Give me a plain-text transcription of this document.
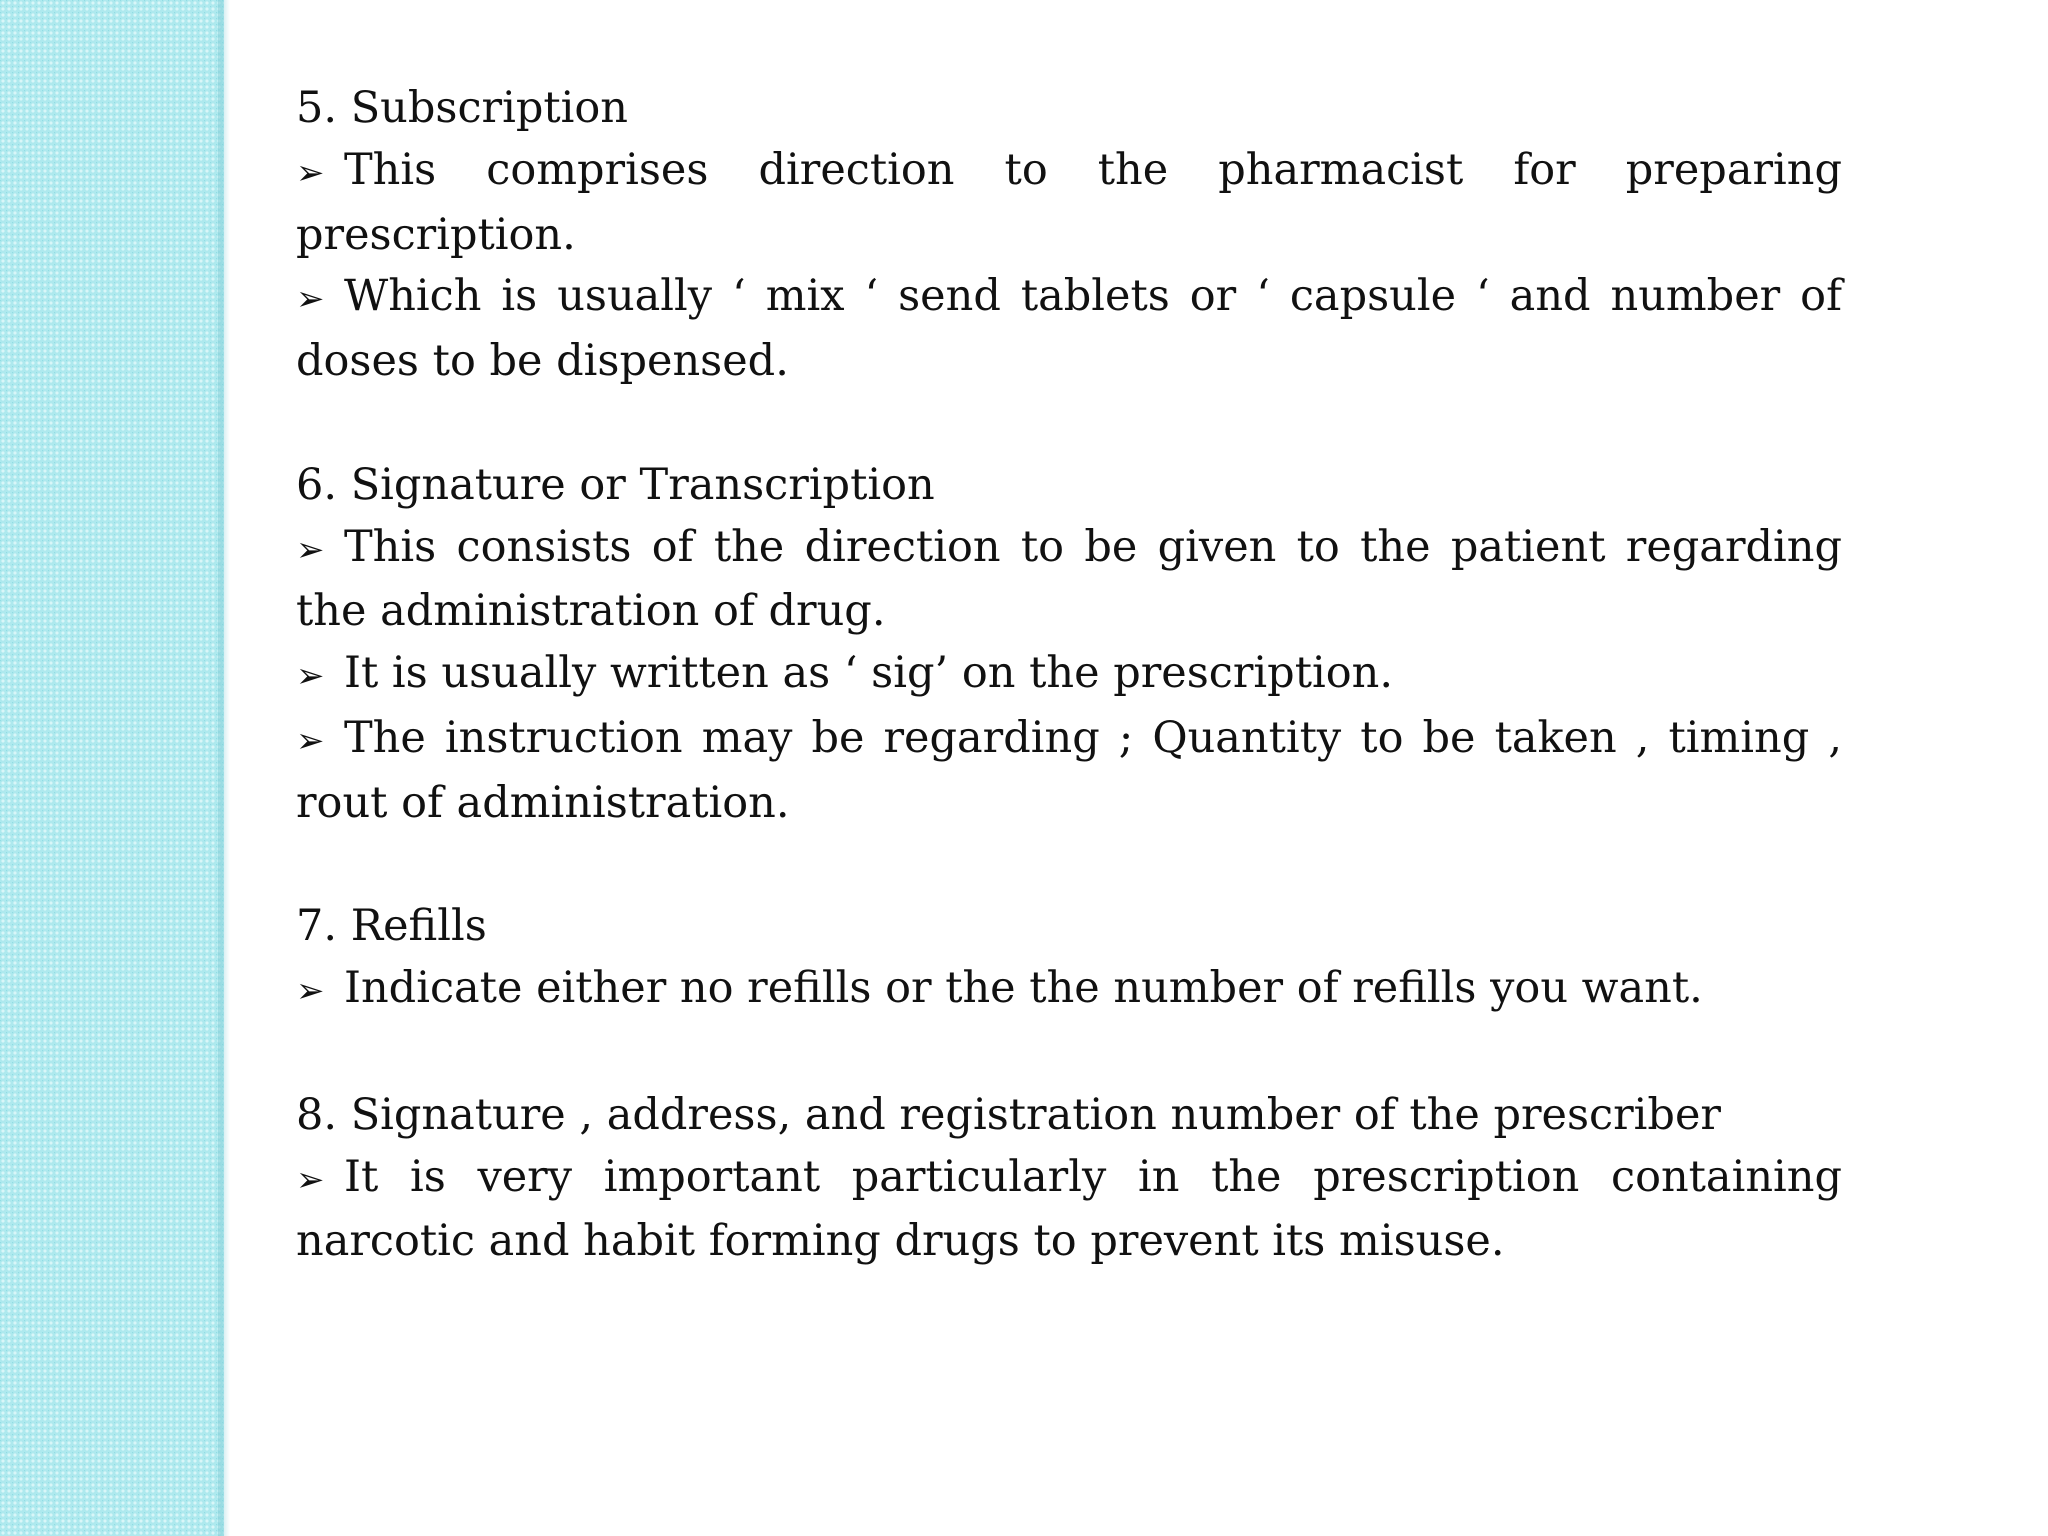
5. Subscription

➢ This comprises direction to the pharmacist for preparing prescription.

➢ Which is usually ‘ mix ‘ send tablets or ‘ capsule ‘ and number of doses to be dispensed.

6. Signature or Transcription

➢ This consists of the direction to be given to the patient regarding the administration of drug.

➢ It is usually written as ‘ sig’ on the prescription.

➢ The instruction may be regarding ; Quantity to be taken , timing , rout of administration.

7. Refills

➢ Indicate either no refills or the the number of refills you want.

8. Signature , address, and registration number of the prescriber

➢ It is very important particularly in the prescription containing narcotic and habit forming drugs to prevent its misuse.
